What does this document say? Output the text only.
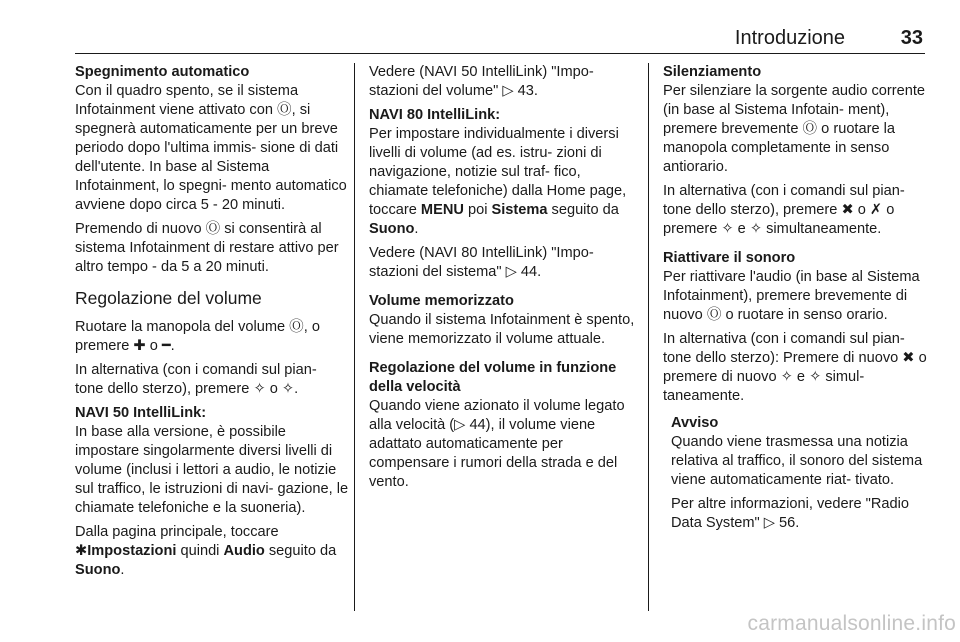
Introduzione	33

Spegnimento automatico

Con il quadro spento, se il sistema Infotainment viene attivato con Ⓞ, si spegnerà automaticamente per un breve periodo dopo l'ultima immis- sione di dati dell'utente. In base al Sistema Infotainment, lo spegni- mento automatico avviene dopo circa 5 - 20 minuti.

Premendo di nuovo Ⓞ si consentirà al sistema Infotainment di restare attivo per altro tempo - da 5 a 20 minuti.

Regolazione del volume

Ruotare la manopola del volume Ⓞ, o premere ✚ o ━.

In alternativa (con i comandi sul pian- tone dello sterzo), premere ✧ o ✧.

NAVI 50 IntelliLink:

In base alla versione, è possibile impostare singolarmente diversi livelli di volume (inclusi i lettori a audio, le notizie sul traffico, le istruzioni di navi- gazione, le chiamate telefoniche e la suoneria).

Dalla pagina principale, toccare
✱Impostazioni quindi Audio seguito da Suono.

Vedere (NAVI 50 IntelliLink) "Impo- stazioni del volume" ▷ 43.

NAVI 80 IntelliLink:

Per impostare individualmente i diversi livelli di volume (ad es. istru- zioni di navigazione, notizie sul traf- fico, chiamate telefoniche) dalla Home page, toccare MENU poi Sistema seguito da Suono.

Vedere (NAVI 80 IntelliLink) "Impo- stazioni del sistema" ▷ 44.

Volume memorizzato

Quando il sistema Infotainment è spento, viene memorizzato il volume attuale.

Regolazione del volume in funzione della velocità

Quando viene azionato il volume legato alla velocità (▷ 44), il volume viene adattato automaticamente per compensare i rumori della strada e del vento.

Silenziamento

Per silenziare la sorgente audio corrente (in base al Sistema Infotain- ment), premere brevemente Ⓞ o ruotare la manopola completamente in senso antiorario.

In alternativa (con i comandi sul pian- tone dello sterzo), premere ✖ o ✗ o premere ✧ e ✧ simultaneamente.

Riattivare il sonoro

Per riattivare l'audio (in base al Sistema Infotainment), premere brevemente di nuovo Ⓞ o ruotare in senso orario.

In alternativa (con i comandi sul pian- tone dello sterzo): Premere di nuovo ✖ o premere di nuovo ✧ e ✧ simul- taneamente.

Avviso

Quando viene trasmessa una notizia relativa al traffico, il sonoro del sistema viene automaticamente riat- tivato.

Per altre informazioni, vedere "Radio Data System" ▷ 56.

carmanualsonline.info
